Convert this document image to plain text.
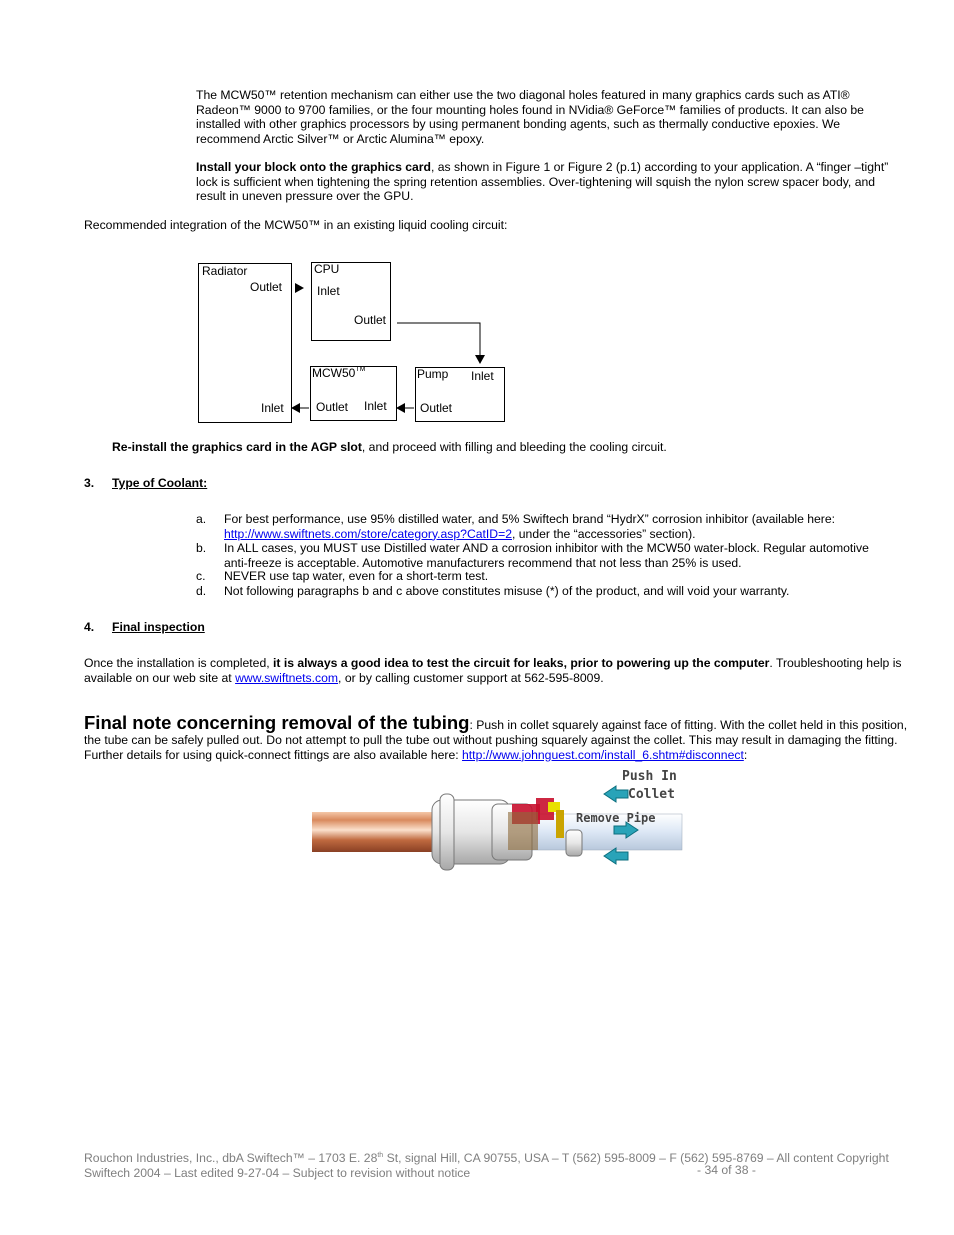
The MCW50™ retention mechanism can either use the two diagonal holes featured in many graphics cards such as ATI® Radeon™ 9000 to 9700 families, or the four mounting holes found in NVidia® GeForce™ families of products. It can also be installed with other graphics processors by using permanent bonding agents, such as thermally conductive epoxies. We recommend Arctic Silver™ or Arctic Alumina™ epoxy.

Install your block onto the graphics card, as shown in Figure 1 or Figure 2 (p.1) according to your application. A “finger –tight” lock is sufficient when tightening the spring retention assemblies. Over-tightening will squish the nylon screw spacer body, and result in uneven pressure over the GPU.

Recommended integration of the MCW50™ in an existing liquid cooling circuit:

Radiator
Outlet
Inlet
CPU
Inlet
Outlet
MCW50™
Outlet Inlet
Pump Inlet
Outlet

Re-install the graphics card in the AGP slot, and proceed with filling and bleeding the cooling circuit.

3. Type of Coolant:
a. For best performance, use 95% distilled water, and 5% Swiftech brand “HydrX” corrosion inhibitor (available here:
http://www.swiftnets.com/store/category.asp?CatID=2, under the “accessories” section).

b. In ALL cases, you MUST use Distilled water AND a corrosion inhibitor with the MCW50 water-block. Regular automotive anti-freeze is acceptable. Automotive manufacturers recommend that not less than 25% is used.

c. NEVER use tap water, even for a short-term test.

d. Not following paragraphs b and c above constitutes misuse (*) of the product, and will void your warranty.

4. Final inspection

Once the installation is completed, it is always a good idea to test the circuit for leaks, prior to powering up the computer. Troubleshooting help is available on our web site at www.swiftnets.com, or by calling customer support at 562-595-8009.

Final note concerning removal of the tubing: Push in collet squarely against face of fitting. With the collet held in this position, the tube can be safely pulled out. Do not attempt to pull the tube out without pushing squarely against the collet. This may result in damaging the fitting. Further details for using quick-connect fittings are also available here: http://www.johnguest.com/install_6.shtm#disconnect:

Push In
Collet
Remove Pipe
Rouchon Industries, Inc., dbA Swiftech™ – 1703 E. 28th St, signal Hill, CA 90755, USA – T (562) 595-8009 – F (562) 595-8769 – All content Copyright
Swiftech 2004 – Last edited 9-27-04 – Subject to revision without notice	- 34 of 38 -
